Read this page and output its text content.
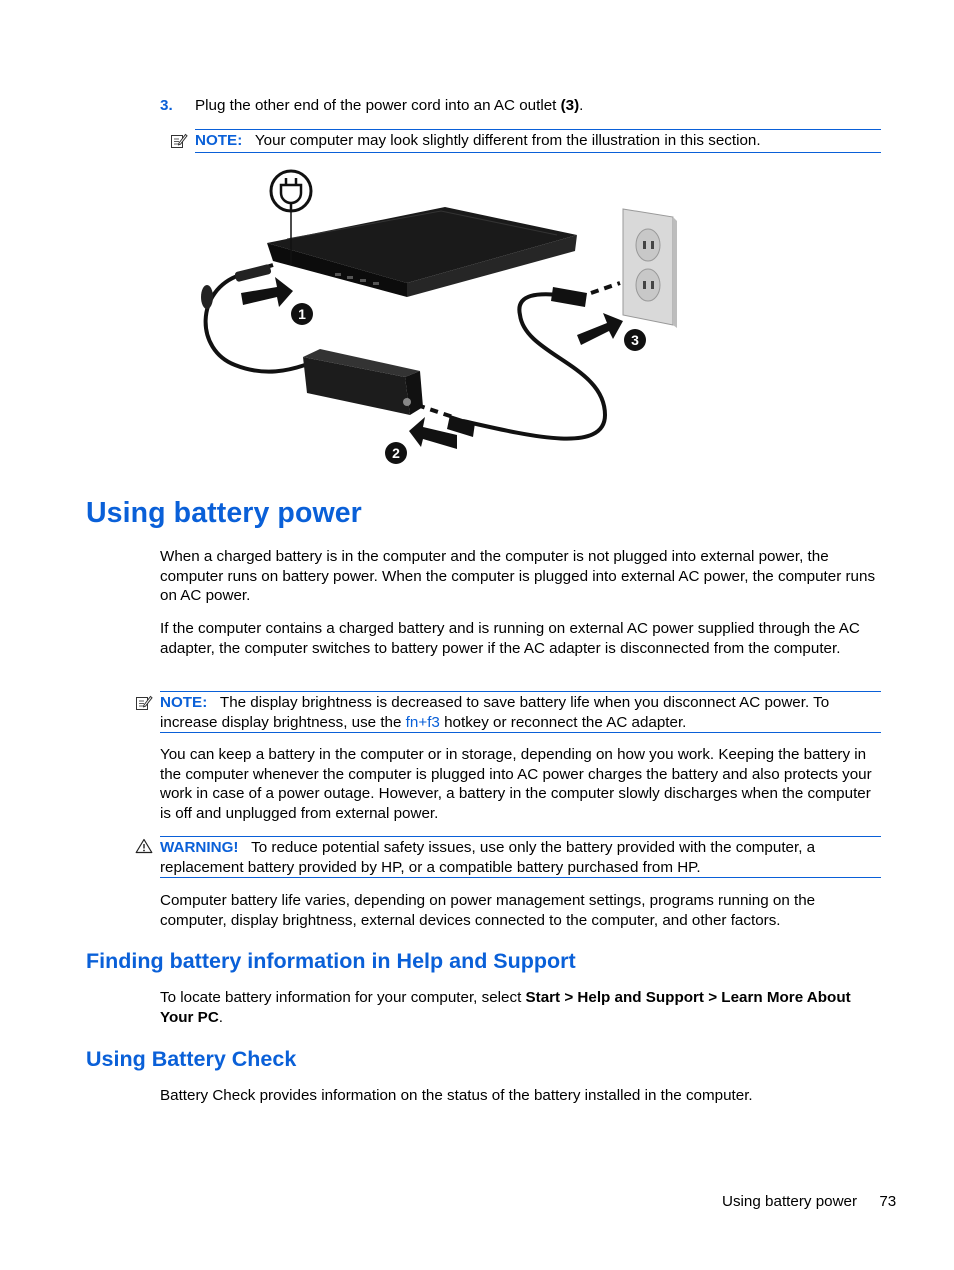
3. Plug the other end of the power cord into an AC outlet (3).

NOTE: Your computer may look slightly different from the illustration in this section.

1
2
3
Using battery power

When a charged battery is in the computer and the computer is not plugged into external power, the computer runs on battery power. When the computer is plugged into external AC power, the computer runs on AC power.

If the computer contains a charged battery and is running on external AC power supplied through the AC adapter, the computer switches to battery power if the AC adapter is disconnected from the computer.

NOTE: The display brightness is decreased to save battery life when you disconnect AC power. To increase display brightness, use the fn+f3 hotkey or reconnect the AC adapter.

You can keep a battery in the computer or in storage, depending on how you work. Keeping the battery in the computer whenever the computer is plugged into AC power charges the battery and also protects your work in case of a power outage. However, a battery in the computer slowly discharges when the computer is off and unplugged from external power.

WARNING! To reduce potential safety issues, use only the battery provided with the computer, a replacement battery provided by HP, or a compatible battery purchased from HP.

Computer battery life varies, depending on power management settings, programs running on the computer, display brightness, external devices connected to the computer, and other factors.

Finding battery information in Help and Support

To locate battery information for your computer, select Start > Help and Support > Learn More About Your PC.

Using Battery Check

Battery Check provides information on the status of the battery installed in the computer.

Using battery power 73
